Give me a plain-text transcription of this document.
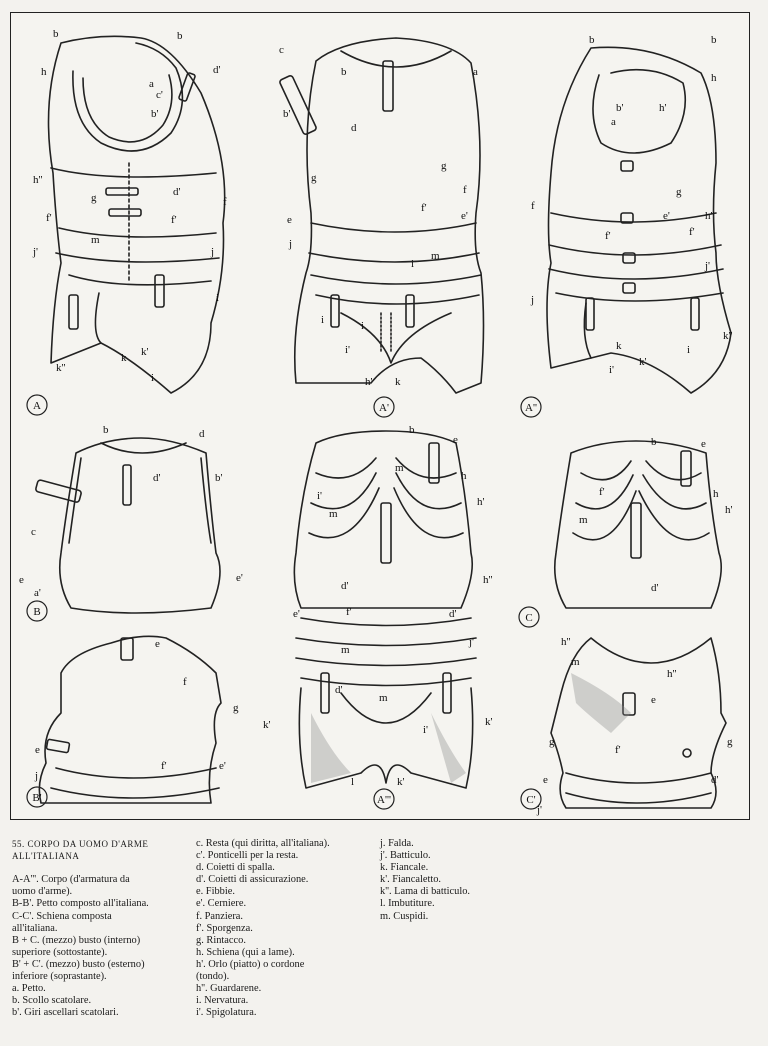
b	b
h
a
d'
c'
b'
h''
g	d'
f
f'	f'
j'
m
j
i
k''
k k'
i
c
b	a
b'
d
g
g
f
e
f'
e'
j
i
m
i	i
i'
h' k
b	b
h
b'	h'
a
g
f
e'	h''
f'	f'
j'
j
k''
k
i'
k'
i
b	d
d'	b'
c
e
a'
e'
b
e
m
h
i'
m
h'
d'	h''
f'
e'	d'
j'
m
k'
m
d'
i'
k'
l	k'
b	e
f'	h
h'
m
d'
h''
e
f
g
e
f'
j
e'
m
e
h''
g	g
f'
e	d'
j'
A	A'	A''
B
A'''
C
B'	C'
55. CORPO DA UOMO D'ARME
ALL'ITALIANA

A-A'''. Corpo (d'armatura da
uomo d'arme).
B-B'. Petto composto all'italiana.
C-C'. Schiena composta
all'italiana.
B + C. (mezzo) busto (interno)
superiore (sottostante).
B' + C'. (mezzo) busto (esterno)
inferiore (soprastante).
a. Petto.
b. Scollo scatolare.
b'. Giri ascellari scatolari.
c. Resta (qui diritta, all'italiana).
c'. Ponticelli per la resta.
d. Coietti di spalla.
d'. Coietti di assicurazione.
e. Fibbie.
e'. Cerniere.
f. Panziera.
f'. Sporgenza.
g. Rintacco.
h. Schiena (qui a lame).
h'. Orlo (piatto) o cordone
(tondo).
h''. Guardarene.
i. Nervatura.
i'. Spigolatura.
j. Falda.
j'. Batticulo.
k. Fiancale.
k'. Fiancaletto.
k''. Lama di batticulo.
l. Imbutiture.
m. Cuspidi.
